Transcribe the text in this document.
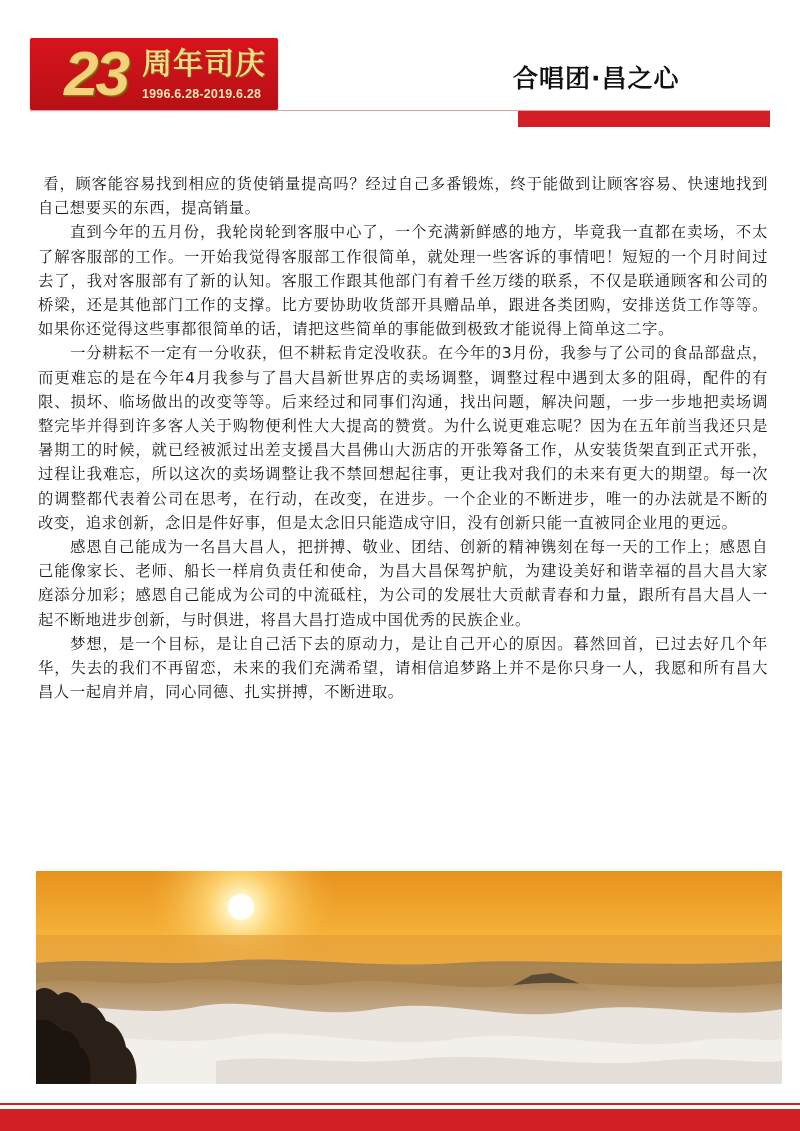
23 周年司庆
1996.6.28-2019.6.28
合唱团·昌之心

看，顾客能容易找到相应的货使销量提高吗？经过自己多番锻炼，终于能做到让顾客容易、快速地找到自己想要买的东西，提高销量。

直到今年的五月份，我轮岗轮到客服中心了，一个充满新鲜感的地方，毕竟我一直都在卖场，不太了解客服部的工作。一开始我觉得客服部工作很简单，就处理一些客诉的事情吧！短短的一个月时间过去了，我对客服部有了新的认知。客服工作跟其他部门有着千丝万缕的联系，不仅是联通顾客和公司的桥梁，还是其他部门工作的支撑。比方要协助收货部开具赠品单，跟进各类团购，安排送货工作等等。如果你还觉得这些事都很简单的话，请把这些简单的事能做到极致才能说得上简单这二字。

一分耕耘不一定有一分收获，但不耕耘肯定没收获。在今年的3月份，我参与了公司的食品部盘点，而更难忘的是在今年4月我参与了昌大昌新世界店的卖场调整，调整过程中遇到太多的阻碍，配件的有限、损坏、临场做出的改变等等。后来经过和同事们沟通，找出问题，解决问题，一步一步地把卖场调整完毕并得到许多客人关于购物便利性大大提高的赞赏。为什么说更难忘呢？因为在五年前当我还只是暑期工的时候，就已经被派过出差支援昌大昌佛山大沥店的开张筹备工作，从安装货架直到正式开张，过程让我难忘，所以这次的卖场调整让我不禁回想起往事，更让我对我们的未来有更大的期望。每一次的调整都代表着公司在思考，在行动，在改变，在进步。一个企业的不断进步，唯一的办法就是不断的改变，追求创新，念旧是件好事，但是太念旧只能造成守旧，没有创新只能一直被同企业甩的更远。

感恩自己能成为一名昌大昌人，把拼搏、敬业、团结、创新的精神镌刻在每一天的工作上；感恩自己能像家长、老师、船长一样肩负责任和使命，为昌大昌保驾护航，为建设美好和谐幸福的昌大昌大家庭添分加彩；感恩自己能成为公司的中流砥柱，为公司的发展壮大贡献青春和力量，跟所有昌大昌人一起不断地进步创新，与时俱进，将昌大昌打造成中国优秀的民族企业。

梦想，是一个目标，是让自己活下去的原动力，是让自己开心的原因。暮然回首，已过去好几个年华，失去的我们不再留恋，未来的我们充满希望，请相信追梦路上并不是你只身一人，我愿和所有昌大昌人一起肩并肩，同心同德、扎实拼搏，不断进取。
